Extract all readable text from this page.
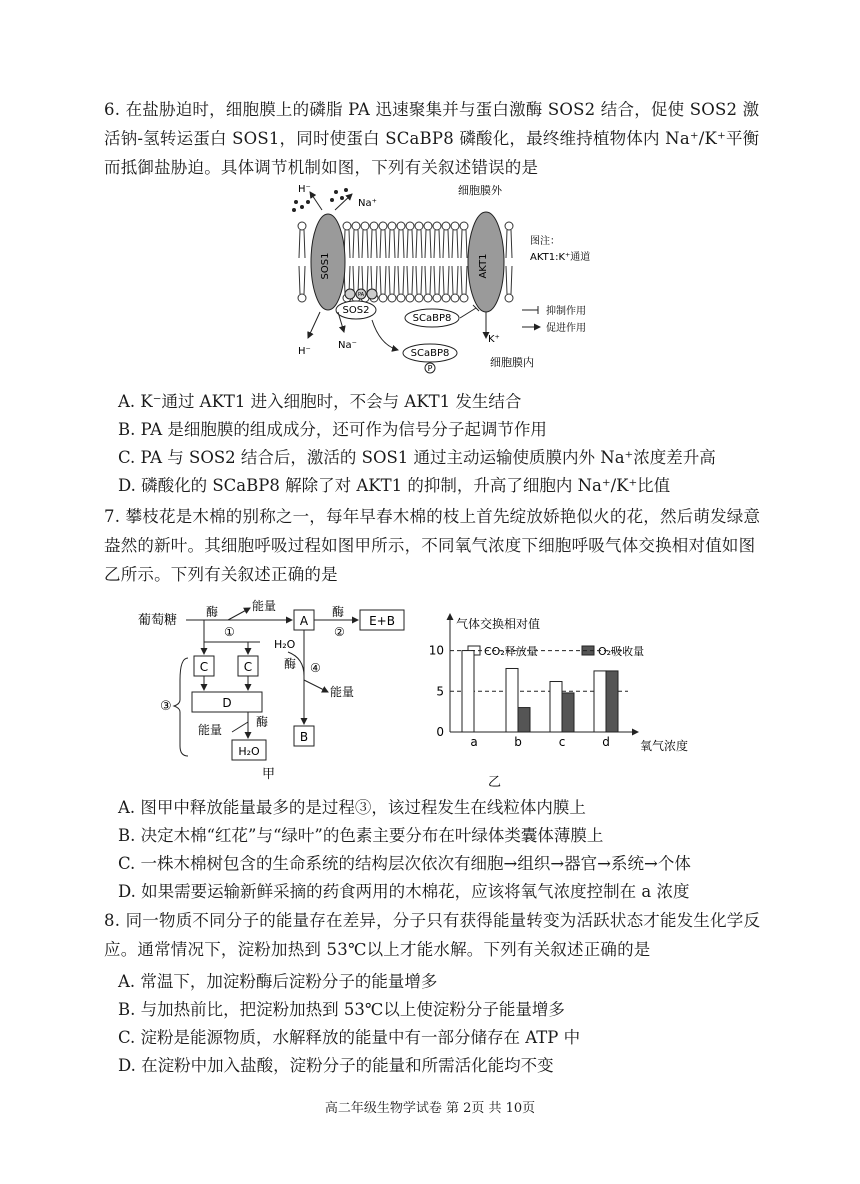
6. 在盐胁迫时，细胞膜上的磷脂 PA 迅速聚集并与蛋白激酶 SOS2 结合，促使 SOS2 激活钠-氢转运蛋白 SOS1，同时使蛋白 SCaBP8 磷酸化，最终维持植物体内 Na⁺/K⁺平衡而抵御盐胁迫。具体调节机制如图，下列有关叙述错误的是
SOS1	AKT1
PA
SOS2
SCaBP8
SCaBP8
P
H⁻
Na⁺
H⁻
Na⁻
K⁺
细胞膜外
细胞膜内
图注：
AKT1:K⁺通道
抑制作用
促进作用
A. K⁻通过 AKT1 进入细胞时，不会与 AKT1 发生结合
B. PA 是细胞膜的组成成分，还可作为信号分子起调节作用
C. PA 与 SOS2 结合后，激活的 SOS1 通过主动运输使质膜内外 Na⁺浓度差升高
D. 磷酸化的 SCaBP8 解除了对 AKT1 的抑制，升高了细胞内 Na⁺/K⁺比值
7. 攀枝花是木棉的别称之一，每年早春木棉的枝上首先绽放娇艳似火的花，然后萌发绿意盎然的新叶。其细胞呼吸过程如图甲所示，不同氧气浓度下细胞呼吸气体交换相对值如图乙所示。下列有关叙述正确的是
葡萄糖
酶
①
能量
A
酶
②
E+B
H₂O
酶 ④
能量
B
C	C
D
能量
酶
H₂O
③
甲
气体交换相对值
氧气浓度
CO₂释放量	O₂吸收量
0
5
10
a	b	c	d
乙
A. 图甲中释放能量最多的是过程③，该过程发生在线粒体内膜上
B. 决定木棉“红花”与“绿叶”的色素主要分布在叶绿体类囊体薄膜上
C. 一株木棉树包含的生命系统的结构层次依次有细胞→组织→器官→系统→个体
D. 如果需要运输新鲜采摘的药食两用的木棉花，应该将氧气浓度控制在 a 浓度
8. 同一物质不同分子的能量存在差异，分子只有获得能量转变为活跃状态才能发生化学反应。通常情况下，淀粉加热到 53℃以上才能水解。下列有关叙述正确的是
A. 常温下，加淀粉酶后淀粉分子的能量增多
B. 与加热前比，把淀粉加热到 53℃以上使淀粉分子能量增多
C. 淀粉是能源物质，水解释放的能量中有一部分储存在 ATP 中
D. 在淀粉中加入盐酸，淀粉分子的能量和所需活化能均不变
高二年级生物学试卷 第 2页 共 10页
